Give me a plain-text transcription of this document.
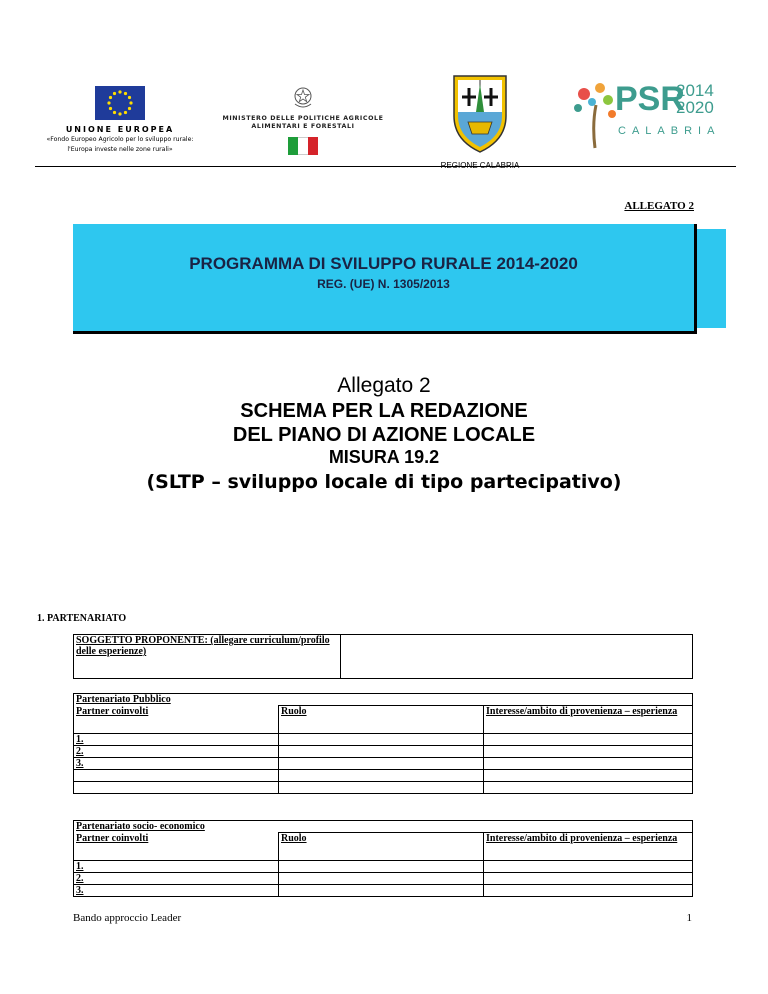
UNIONE EUROPEA
«Fondo Europeo Agricolo per lo sviluppo rurale:
l'Europa investe nelle zone rurali»
MINISTERO DELLE POLITICHE AGRICOLE
ALIMENTARI E FORESTALI
REGIONE CALABRIA
PSR
2014
2020
CALABRIA
ALLEGATO 2
PROGRAMMA DI SVILUPPO RURALE 2014-2020
REG. (UE) N. 1305/2013
Allegato 2
SCHEMA PER LA REDAZIONE
DEL PIANO DI AZIONE LOCALE
MISURA 19.2
(SLTP – sviluppo locale di tipo partecipativo)
1. PARTENARIATO
SOGGETTO PROPONENTE: (allegare curriculum/profilo delle esperienze)	
Partenariato Pubblico		
Partner coinvolti	Ruolo	Interesse/ambito di provenienza – esperienza
1.		
2.		
3.		

Partenariato socio- economico		
Partner coinvolti	Ruolo	Interesse/ambito di provenienza – esperienza
1.		
2.		
3.		
Bando approccio Leader	1
